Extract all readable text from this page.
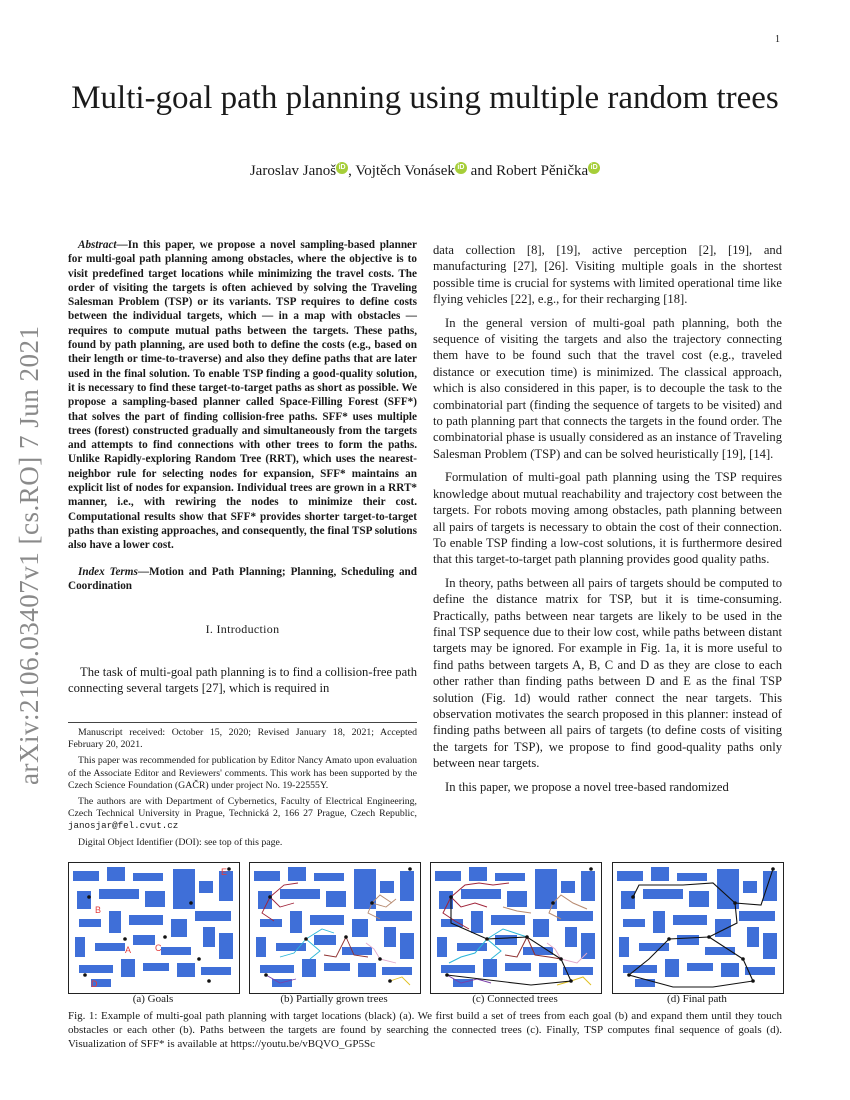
1
arXiv:2106.03407v1 [cs.RO] 7 Jun 2021
Multi-goal path planning using multiple random trees
Jaroslav Janoš iD , Vojtěch Vonásek iD and Robert Pěnička iD

Abstract—In this paper, we propose a novel sampling-based planner for multi-goal path planning among obstacles, where the objective is to visit predefined target locations while minimizing the travel costs. The order of visiting the targets is often achieved by solving the Traveling Salesman Problem (TSP) or its variants. TSP requires to define costs between the individual targets, which — in a map with obstacles — requires to compute mutual paths between the targets. These paths, found by path planning, are used both to define the costs (e.g., based on their length or time-to-traverse) and also they define paths that are later used in the final solution. To enable TSP finding a good-quality solution, it is necessary to find these target-to-target paths as short as possible. We propose a sampling-based planner called Space-Filling Forest (SFF*) that solves the part of finding collision-free paths. SFF* uses multiple trees (forest) constructed gradually and simultaneously from the targets and attempts to find connections with other trees to form the paths. Unlike Rapidly-exploring Random Tree (RRT), which uses the nearest-neighbor rule for selecting nodes for expansion, SFF* maintains an explicit list of nodes for expansion. Individual trees are grown in a RRT* manner, i.e., with rewiring the nodes to minimize their cost. Computational results show that SFF* provides shorter target-to-target paths than existing approaches, and consequently, the final TSP solutions also have a lower cost.

Index Terms—Motion and Path Planning; Planning, Scheduling and Coordination

I. Introduction

The task of multi-goal path planning is to find a collision-free path connecting several targets [27], which is required in

Manuscript received: October 15, 2020; Revised January 18, 2021; Accepted February 20, 2021.

This paper was recommended for publication by Editor Nancy Amato upon evaluation of the Associate Editor and Reviewers' comments. This work has been supported by the Czech Science Foundation (GAČR) under project No. 19-22555Y.

The authors are with Department of Cybernetics, Faculty of Electrical Engineering, Czech Technical University in Prague, Technická 2, 166 27 Prague, Czech Republic, janosjar@fel.cvut.cz

Digital Object Identifier (DOI): see top of this page.

data collection [8], [19], active perception [2], [19], and manufacturing [27], [26]. Visiting multiple goals in the shortest possible time is crucial for systems with limited operational time like flying vehicles [22], e.g., for their recharging [18].

In the general version of multi-goal path planning, both the sequence of visiting the targets and also the trajectory connecting them have to be found such that the travel cost (e.g., traveled distance or execution time) is minimized. The classical approach, which is also considered in this paper, is to decouple the task to the combinatorial part (finding the sequence of targets to be visited) and to path planning part that connects the targets in the found order. The combinatorial phase is usually considered as an instance of Traveling Salesman Problem (TSP) and can be solved heuristically [19], [14].

Formulation of multi-goal path planning using the TSP requires knowledge about mutual reachability and trajectory cost between the targets. For robots moving among obstacles, path planning between all pairs of targets is necessary to obtain the cost of their connection. To enable TSP finding a low-cost solutions, it is furthermore desired that this target-to-target path planning provides good quality paths.

In theory, paths between all pairs of targets should be computed to define the distance matrix for TSP, but it is time-consuming. Practically, paths between near targets are likely to be used in the final TSP sequence due to their low cost, while paths between distant targets may be ignored. For example in Fig. 1a, it is more useful to find paths between targets A, B, C and D as they are close to each other rather than finding paths between D and E as the final TSP solution (Fig. 1d) would rather connect the near targets. This observation motivates the search proposed in this planner: instead of finding paths between all pairs of targets (to define costs of visiting the targets for TSP), we propose to find good-quality paths only between near targets.

In this paper, we propose a novel tree-based randomized

A
B
C
D
E
(a) Goals	(b) Partially grown trees	(c) Connected trees	(d) Final path
Fig. 1: Example of multi-goal path planning with target locations (black) (a). We first build a set of trees from each goal (b) and expand them until they touch obstacles or each other (b). Paths between the targets are found by searching the connected trees (c). Finally, TSP computes final sequence of goals (d). Visualization of SFF* is available at https://youtu.be/vBQVO_GP5Sc
